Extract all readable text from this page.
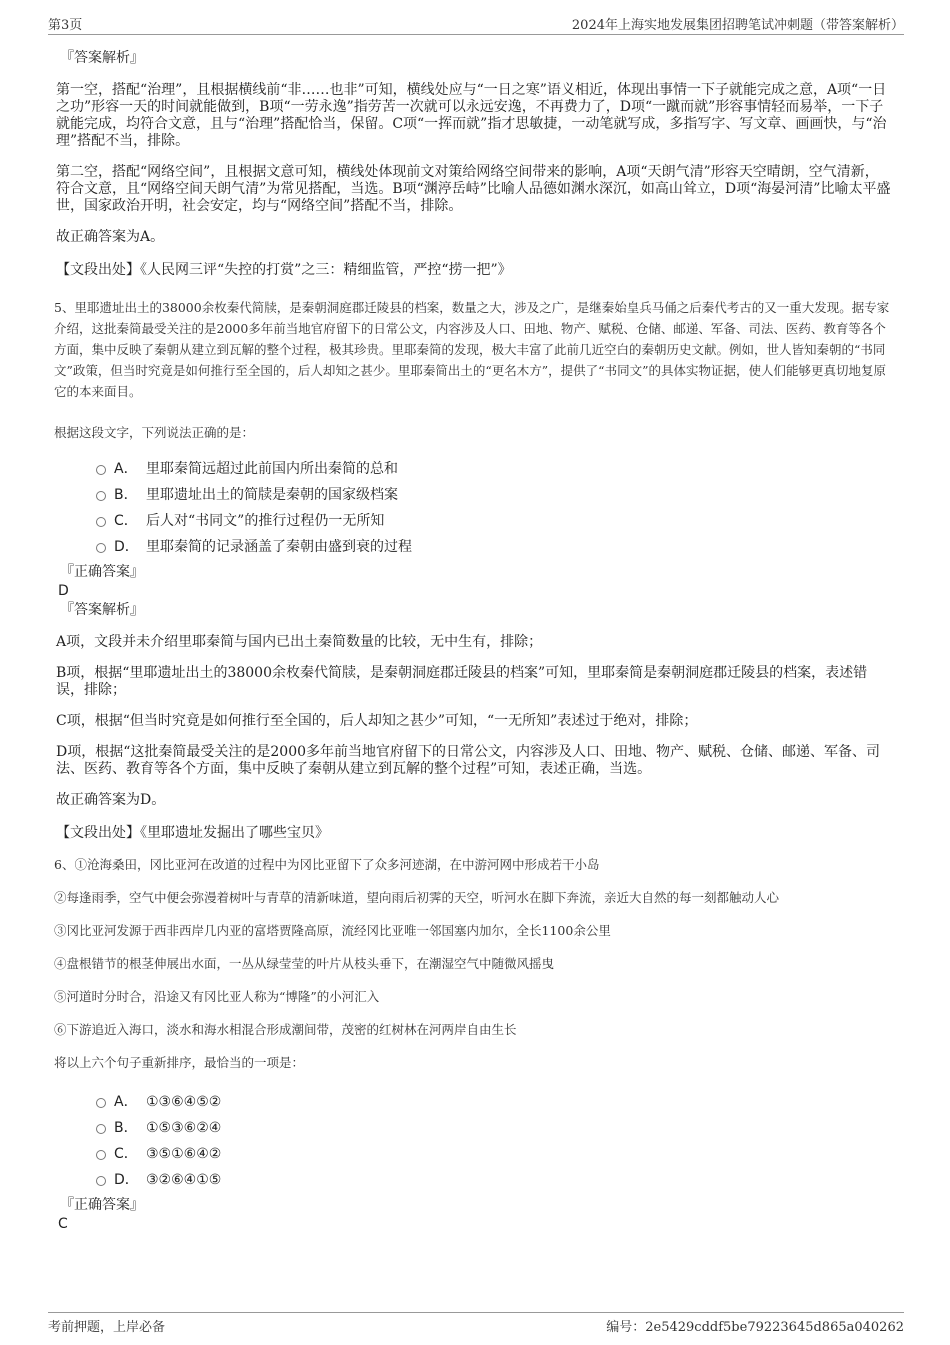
第3页	2024年上海实地发展集团招聘笔试冲刺题（带答案解析）
『答案解析』

第一空，搭配“治理”，且根据横线前“非……也非”可知，横线处应与“一日之寒”语义相近，体现出事情一下子就能完成之意，A项“一日之功”形容一天的时间就能做到，B项“一劳永逸”指劳苦一次就可以永远安逸，不再费力了，D项“一蹴而就”形容事情轻而易举，一下子就能完成，均符合文意，且与“治理”搭配恰当，保留。C项“一挥而就”指才思敏捷，一动笔就写成，多指写字、写文章、画画快，与“治理”搭配不当，排除。

第二空，搭配“网络空间”，且根据文意可知，横线处体现前文对策给网络空间带来的影响，A项“天朗气清”形容天空晴朗，空气清新，符合文意，且“网络空间天朗气清”为常见搭配，当选。B项“渊渟岳峙”比喻人品德如渊水深沉，如高山耸立，D项“海晏河清”比喻太平盛世，国家政治开明，社会安定，均与“网络空间”搭配不当，排除。

故正确答案为A。

【文段出处】《人民网三评“失控的打赏”之三：精细监管，严控“捞一把”》

5、里耶遗址出土的38000余枚秦代简牍，是秦朝洞庭郡迁陵县的档案，数量之大，涉及之广，是继秦始皇兵马俑之后秦代考古的又一重大发现。据专家介绍，这批秦简最受关注的是2000多年前当地官府留下的日常公文，内容涉及人口、田地、物产、赋税、仓储、邮递、军备、司法、医药、教育等各个方面，集中反映了秦朝从建立到瓦解的整个过程，极其珍贵。里耶秦简的发现，极大丰富了此前几近空白的秦朝历史文献。例如，世人皆知秦朝的“书同文”政策，但当时究竟是如何推行至全国的，后人却知之甚少。里耶秦简出土的“更名木方”，提供了“书同文”的具体实物证据，使人们能够更真切地复原它的本来面目。

根据这段文字，下列说法正确的是：

A． 里耶秦简远超过此前国内所出秦简的总和
B． 里耶遗址出土的简牍是秦朝的国家级档案
C． 后人对“书同文”的推行过程仍一无所知
D． 里耶秦简的记录涵盖了秦朝由盛到衰的过程
『正确答案』
D
『答案解析』

A项，文段并未介绍里耶秦简与国内已出土秦简数量的比较，无中生有，排除；

B项，根据“里耶遗址出土的38000余枚秦代简牍，是秦朝洞庭郡迁陵县的档案”可知，里耶秦简是秦朝洞庭郡迁陵县的档案，表述错误，排除；

C项，根据“但当时究竟是如何推行至全国的，后人却知之甚少”可知，“一无所知”表述过于绝对，排除；

D项，根据“这批秦简最受关注的是2000多年前当地官府留下的日常公文，内容涉及人口、田地、物产、赋税、仓储、邮递、军备、司法、医药、教育等各个方面，集中反映了秦朝从建立到瓦解的整个过程”可知，表述正确，当选。

故正确答案为D。

【文段出处】《里耶遗址发掘出了哪些宝贝》

6、①沧海桑田，冈比亚河在改道的过程中为冈比亚留下了众多河迹湖，在中游河网中形成若干小岛

②每逢雨季，空气中便会弥漫着树叶与青草的清新味道，望向雨后初霁的天空，听河水在脚下奔流，亲近大自然的每一刻都触动人心

③冈比亚河发源于西非西岸几内亚的富塔贾隆高原，流经冈比亚唯一邻国塞内加尔，全长1100余公里

④盘根错节的根茎伸展出水面，一丛从绿莹莹的叶片从枝头垂下，在潮湿空气中随微风摇曳

⑤河道时分时合，沿途又有冈比亚人称为“博隆”的小河汇入

⑥下游追近入海口，淡水和海水相混合形成潮间带，茂密的红树林在河两岸自由生长

将以上六个句子重新排序，最恰当的一项是：

A． ①③⑥④⑤②
B． ①⑤③⑥②④
C． ③⑤①⑥④②
D． ③②⑥④①⑤
『正确答案』
C
考前押题，上岸必备	编号：2e5429cddf5be79223645d865a040262
